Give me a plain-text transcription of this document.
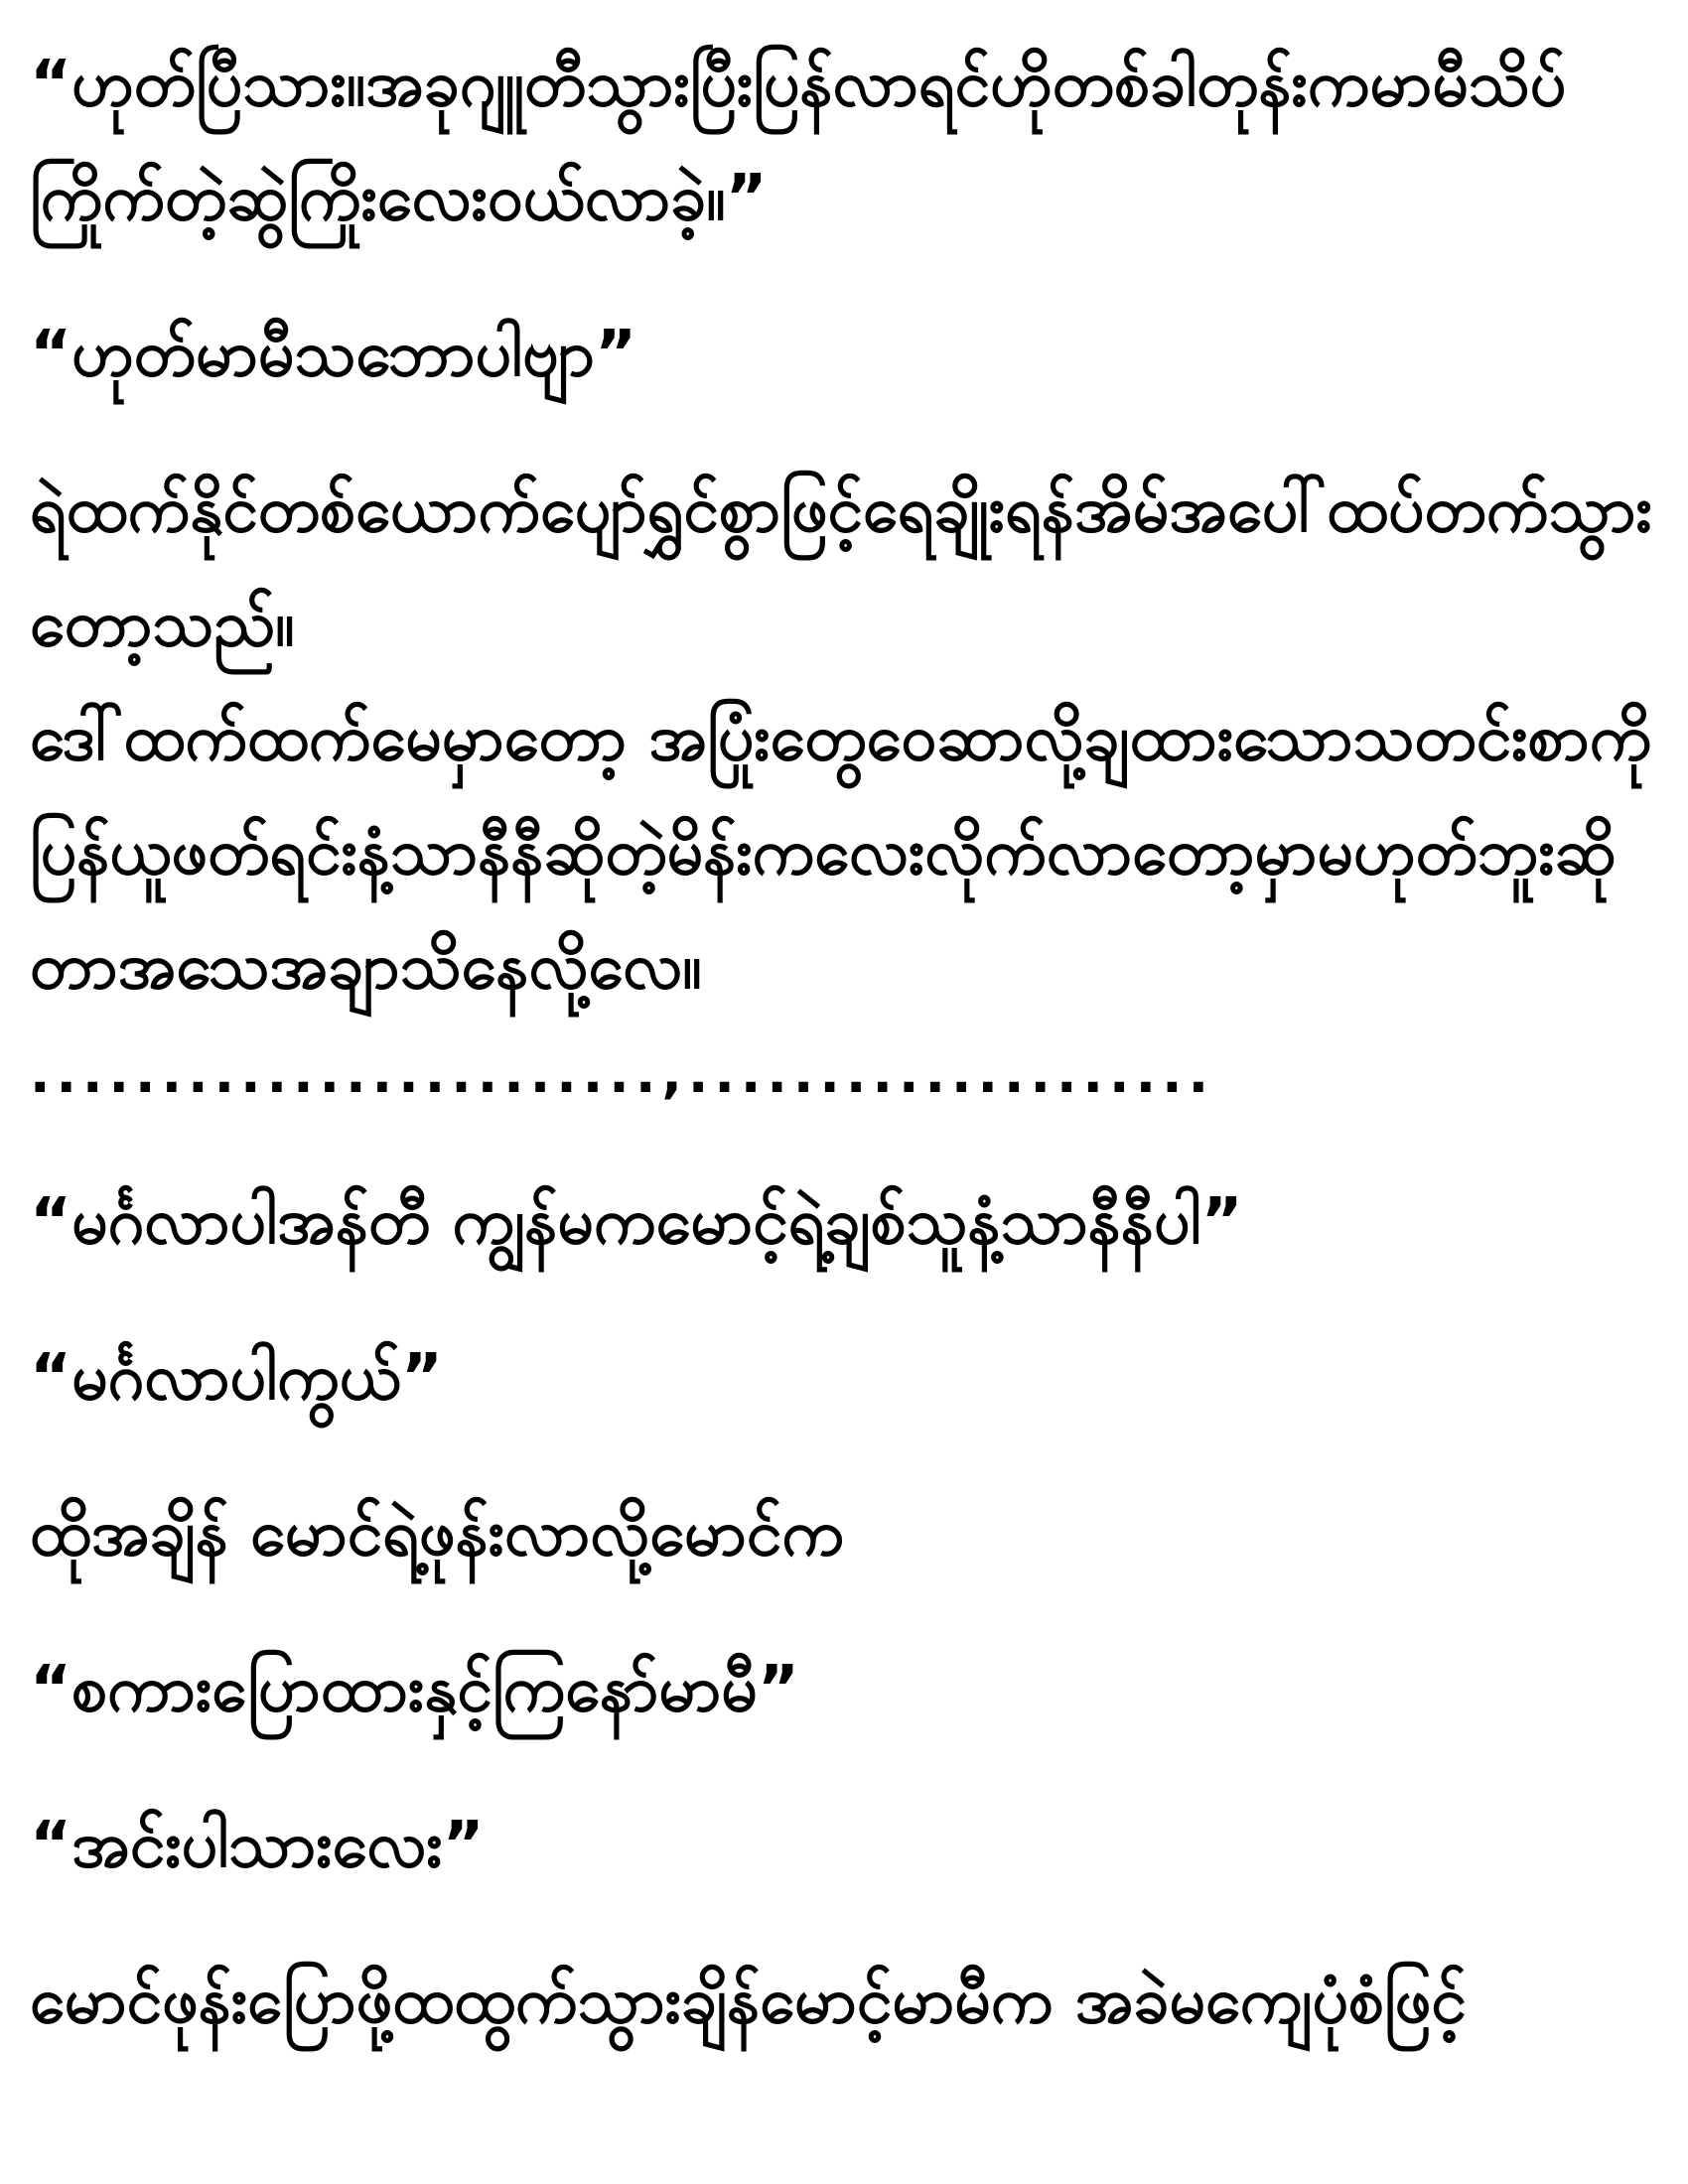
“ဟုတ်ပြီသား။အခုဂျူတီသွားပြီးပြန်လာရင်ဟိုတစ်ခါတုန်းကမာမီသိပ်
ကြိုက်တဲ့ဆွဲကြိုးလေးဝယ်လာခဲ့။”
“ဟုတ်မာမီသဘောပါဗျာ”
ရဲထက်နိုင်တစ်ယောက်ပျော်ရွှင်စွာဖြင့်ရေချိုးရန်အိမ်အပေါ်ထပ်တက်သွား
တော့သည်။
ဒေါ်ထက်ထက်မေမှာတော့ အပြုံးတွေဝေဆာလို့ချထားသောသတင်းစာကို
ပြန်ယူဖတ်ရင်းနံ့သာနီနီဆိုတဲ့မိန်းကလေးလိုက်လာတော့မှာမဟုတ်ဘူးဆို
တာအသေအချာသိနေလို့လေ။
........................,....................
“မင်္ဂလာပါအန်တီ ကျွန်မကမောင့်ရဲ့ချစ်သူနံ့သာနီနီပါ”
“မင်္ဂလာပါကွယ်”
ထိုအချိန် မောင်ရဲ့ဖုန်းလာလို့မောင်က
“စကားပြောထားနှင့်ကြနော်မာမီ”
“အင်းပါသားလေး”
မောင်ဖုန်းပြောဖို့ထထွက်သွားချိန်မောင့်မာမီက အခဲမကျေပုံစံဖြင့်
